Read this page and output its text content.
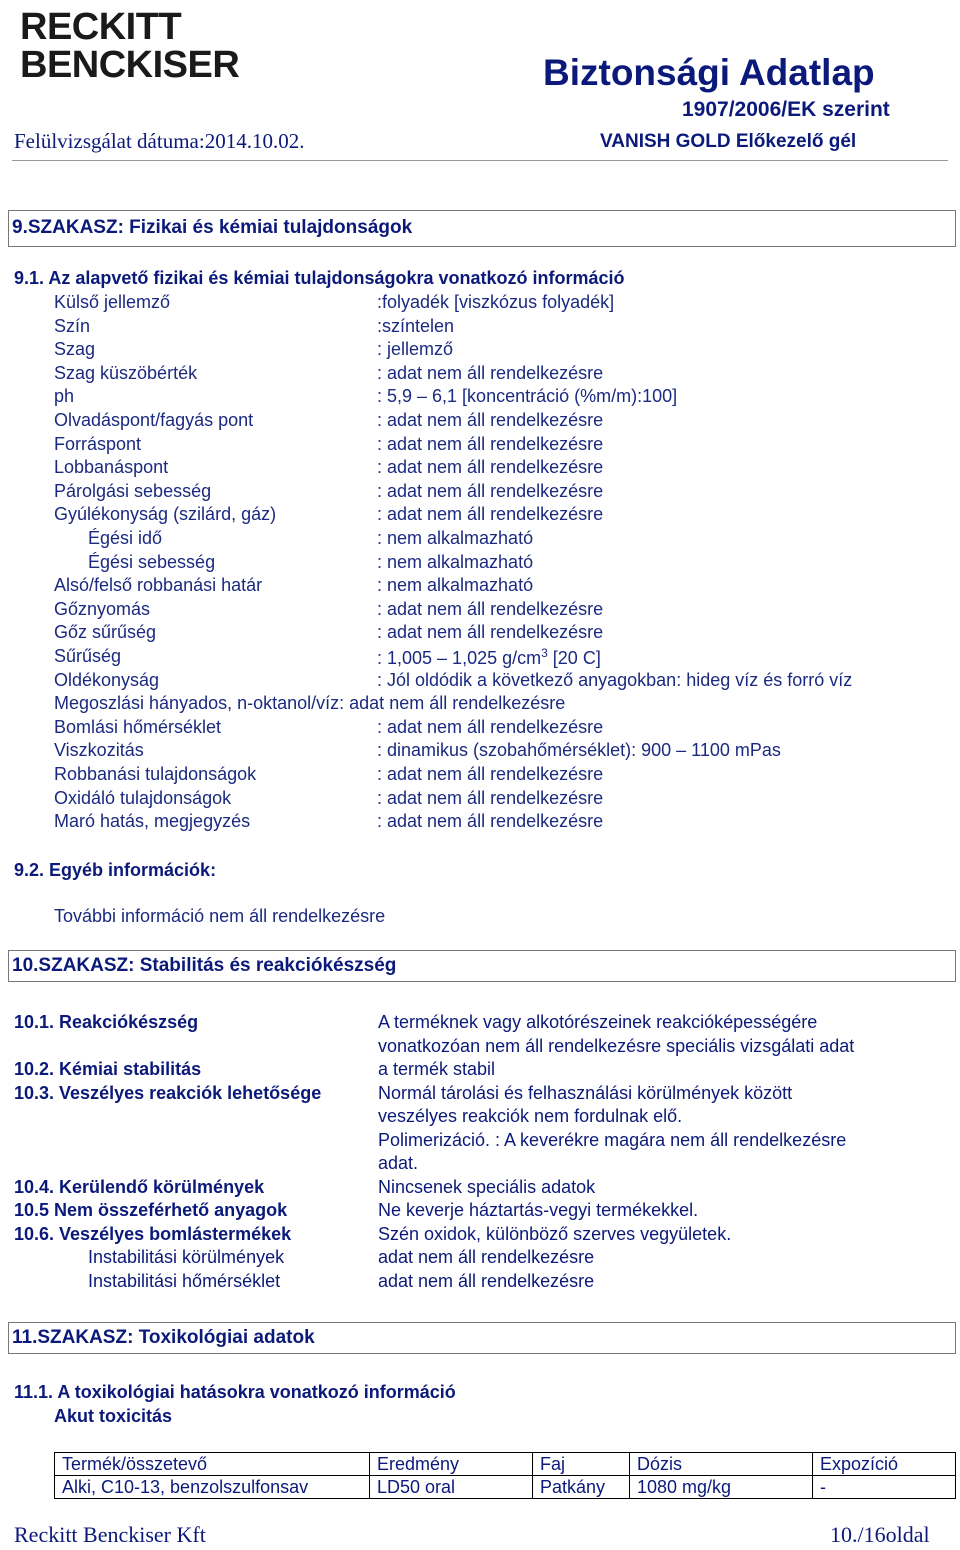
RECKITT
BENCKISER	Biztonsági Adatlap
1907/2006/EK szerint
Felülvizsgálat dátuma:2014.10.02.	VANISH GOLD Előkezelő gél
9.SZAKASZ: Fizikai és kémiai tulajdonságok
9.1. Az alapvető fizikai és kémiai tulajdonságokra vonatkozó információ
Külső jellemző	:folyadék [viszkózus folyadék]
Szín	:színtelen
Szag	: jellemző
Szag küszöbérték	: adat nem áll rendelkezésre
ph	: 5,9 – 6,1 [koncentráció (%m/m):100]
Olvadáspont/fagyás pont	: adat nem áll rendelkezésre
Forráspont	: adat nem áll rendelkezésre
Lobbanáspont	: adat nem áll rendelkezésre
Párolgási sebesség	: adat nem áll rendelkezésre
Gyúlékonyság (szilárd, gáz)	: adat nem áll rendelkezésre
Égési idő	: nem alkalmazható
Égési sebesség	: nem alkalmazható
Alsó/felső robbanási határ	: nem alkalmazható
Gőznyomás	: adat nem áll rendelkezésre
Gőz sűrűség	: adat nem áll rendelkezésre
Sűrűség	: 1,005 – 1,025 $g/cm^3$ [20 C]
Oldékonyság	: Jól oldódik a következő anyagokban: hideg víz és forró víz
Megoszlási hányados, n-oktanol/víz: adat nem áll rendelkezésre
Bomlási hőmérséklet	: adat nem áll rendelkezésre
Viszkozitás	: dinamikus (szobahőmérséklet): 900 – 1100 mPas
Robbanási tulajdonságok	: adat nem áll rendelkezésre
Oxidáló tulajdonságok	: adat nem áll rendelkezésre
Maró hatás, megjegyzés	: adat nem áll rendelkezésre
9.2. Egyéb információk:
További információ nem áll rendelkezésre
10.SZAKASZ: Stabilitás és reakciókészség
10.1. Reakciókészség	A terméknek vagy alkotórészeinek reakcióképességére
vonatkozóan nem áll rendelkezésre speciális vizsgálati adat
10.2. Kémiai stabilitás	a termék stabil
10.3. Veszélyes reakciók lehetősége	Normál tárolási és felhasználási körülmények között
veszélyes reakciók nem fordulnak elő.
Polimerizáció. : A keverékre magára nem áll rendelkezésre
adat.
10.4. Kerülendő körülmények	Nincsenek speciális adatok
10.5 Nem összeférhető anyagok	Ne keverje háztartás-vegyi termékekkel.
10.6. Veszélyes bomlástermékek	Szén oxidok, különböző szerves vegyületek.
Instabilitási körülmények	adat nem áll rendelkezésre
Instabilitási hőmérséklet	adat nem áll rendelkezésre
11.SZAKASZ: Toxikológiai adatok
11.1. A toxikológiai hatásokra vonatkozó információ
Akut toxicitás
Termék/összetevő	Eredmény	Faj	Dózis	Expozíció
Alki, C10-13, benzolszulfonsav	LD50 oral	Patkány	1080 mg/kg	-
Reckitt Benckiser Kft	10./16oldal
